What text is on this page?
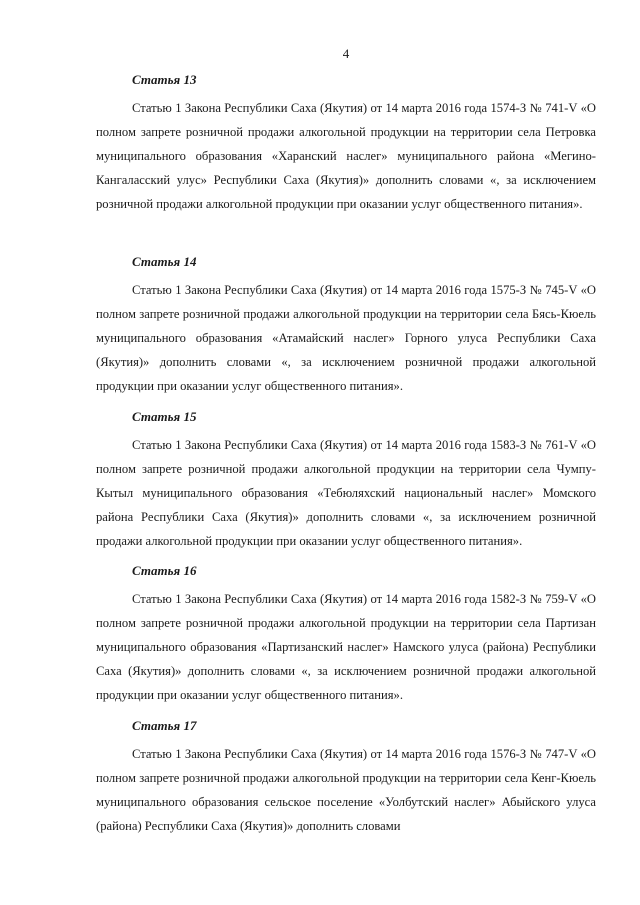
4
Статья 13

Статью 1 Закона Республики Саха (Якутия) от 14 марта 2016 года 1574-З № 741-V «О полном запрете розничной продажи алкогольной продукции на территории села Петровка муниципального образования «Харанский наслег» муниципального района «Мегино-Кангаласский улус» Республики Саха (Якутия)» дополнить словами «, за исключением розничной продажи алкогольной продукции при оказании услуг общественного питания».

Статья 14

Статью 1 Закона Республики Саха (Якутия) от 14 марта 2016 года 1575-З № 745-V «О полном запрете розничной продажи алкогольной продукции на территории села Бясь-Кюель муниципального образования «Атамайский наслег» Горного улуса Республики Саха (Якутия)» дополнить словами «, за исключением розничной продажи алкогольной продукции при оказании услуг общественного питания».

Статья 15

Статью 1 Закона Республики Саха (Якутия) от 14 марта 2016 года 1583-З № 761-V «О полном запрете розничной продажи алкогольной продукции на территории села Чумпу-Кытыл муниципального образования «Тебюляхский национальный наслег» Момского района Республики Саха (Якутия)» дополнить словами «, за исключением розничной продажи алкогольной продукции при оказании услуг общественного питания».

Статья 16

Статью 1 Закона Республики Саха (Якутия) от 14 марта 2016 года 1582-З № 759-V «О полном запрете розничной продажи алкогольной продукции на территории села Партизан муниципального образования «Партизанский наслег» Намского улуса (района) Республики Саха (Якутия)» дополнить словами «, за исключением розничной продажи алкогольной продукции при оказании услуг общественного питания».

Статья 17

Статью 1 Закона Республики Саха (Якутия) от 14 марта 2016 года 1576-З № 747-V «О полном запрете розничной продажи алкогольной продукции на территории села Кенг-Кюель муниципального образования сельское поселение «Уолбутский наслег» Абыйского улуса (района) Республики Саха (Якутия)» дополнить словами
